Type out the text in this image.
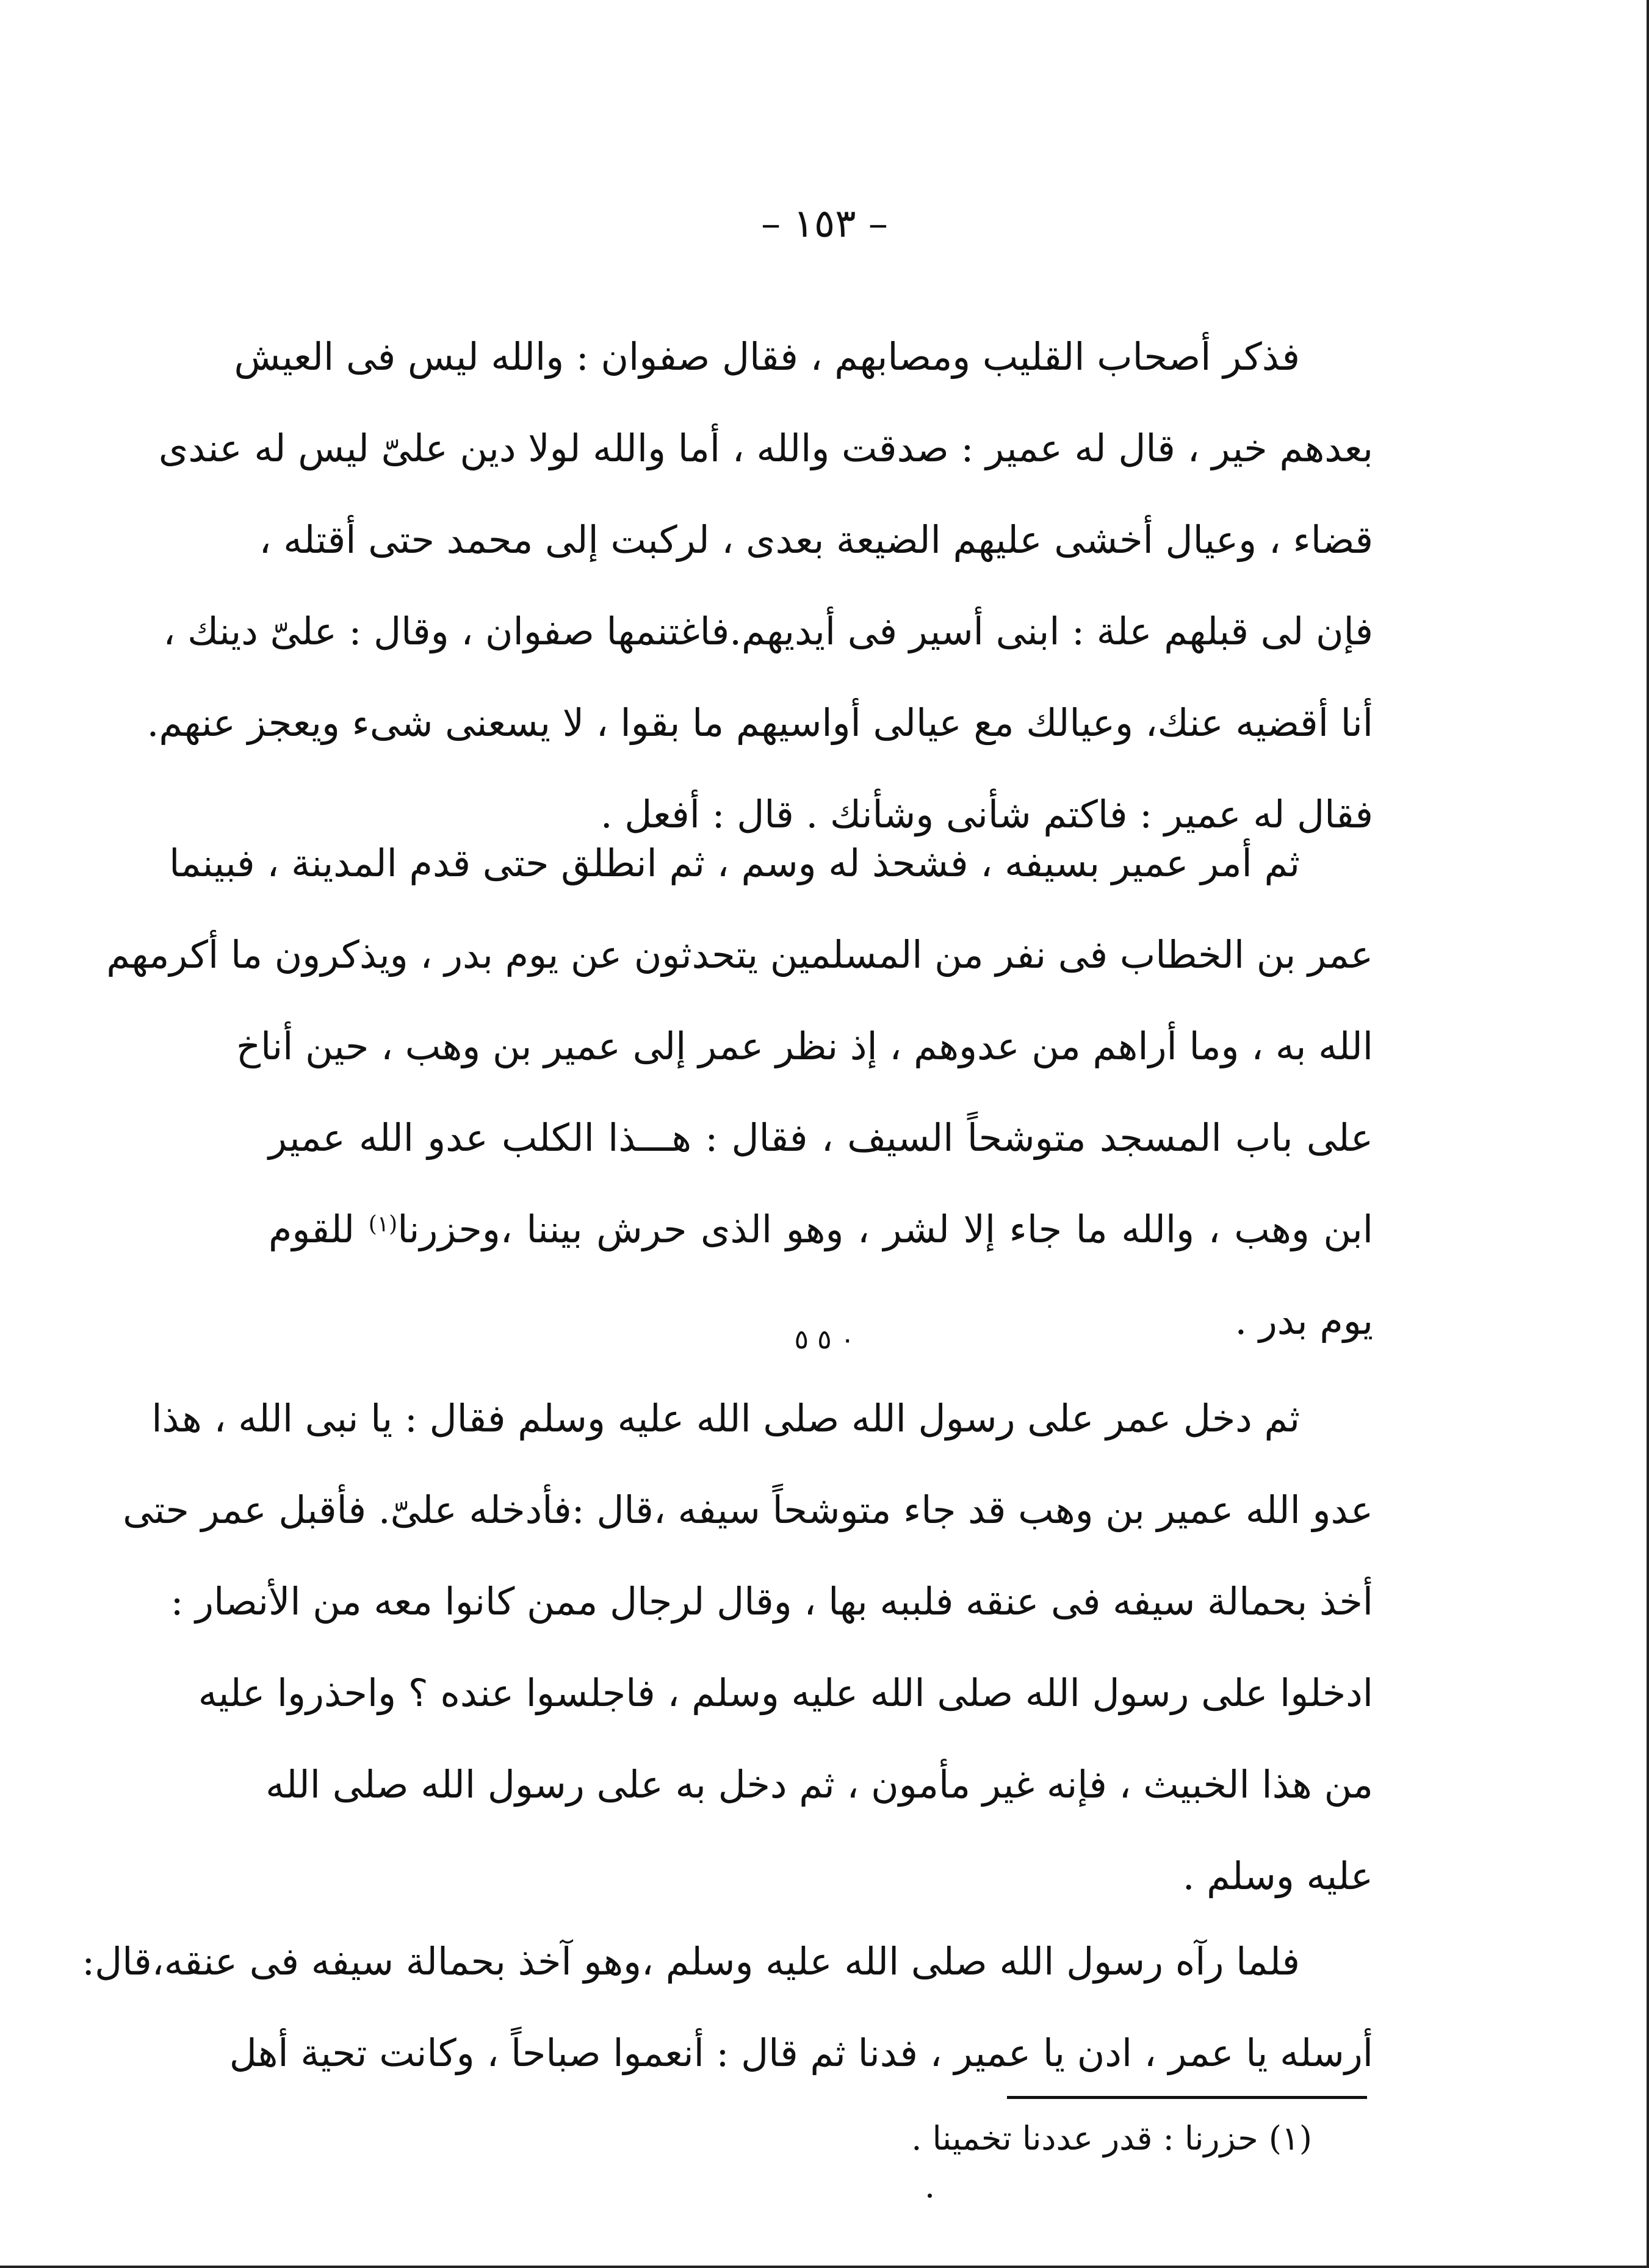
– ١٥٣ –
فذكر أصحاب القليب ومصابهم ، فقال صفوان : والله ليس فى العيش
بعدهم خير ، قال له عمير : صدقت والله ، أما والله لولا دين علىّ ليس له عندى
قضاء ، وعيال أخشى عليهم الضيعة بعدى ، لركبت إلى محمد حتى أقتله ،
فإن لى قبلهم علة : ابنى أسير فى أيديهم.فاغتنمها صفوان ، وقال : علىّ دينك ،
أنا أقضيه عنك، وعيالك مع عيالى أواسيهم ما بقوا ، لا يسعنى شىء ويعجز عنهم.
فقال له عمير : فاكتم شأنى وشأنك . قال : أفعل .
ثم أمر عمير بسيفه ، فشحذ له وسم ، ثم انطلق حتى قدم المدينة ، فبينما
عمر بن الخطاب فى نفر من المسلمين يتحدثون عن يوم بدر ، ويذكرون ما أكرمهم
الله به ، وما أراهم من عدوهم ، إذ نظر عمر إلى عمير بن وهب ، حين أناخ
على باب المسجد متوشحاً السيف ، فقال : هـــذا الكلب عدو الله عمير
ابن وهب ، والله ما جاء إلا لشر ، وهو الذى حرش بيننا ،وحزرنا$^{(١)}$ للقوم
يوم بدر .
٠ ٥ ٥
ثم دخل عمر على رسول الله صلى الله عليه وسلم فقال : يا نبى الله ، هذا
عدو الله عمير بن وهب قد جاء متوشحاً سيفه ،قال :فأدخله علىّ. فأقبل عمر حتى
أخذ بحمالة سيفه فى عنقه فلببه بها ، وقال لرجال ممن كانوا معه من الأنصار :
ادخلوا على رسول الله صلى الله عليه وسلم ، فاجلسوا عنده ؟ واحذروا عليه
من هذا الخبيث ، فإنه غير مأمون ، ثم دخل به على رسول الله صلى الله
عليه وسلم .
فلما رآه رسول الله صلى الله عليه وسلم ،وهو آخذ بحمالة سيفه فى عنقه،قال:
أرسله يا عمر ، ادن يا عمير ، فدنا ثم قال : أنعموا صباحاً ، وكانت تحية أهل
(١) حزرنا : قدر عددنا تخمينا .
